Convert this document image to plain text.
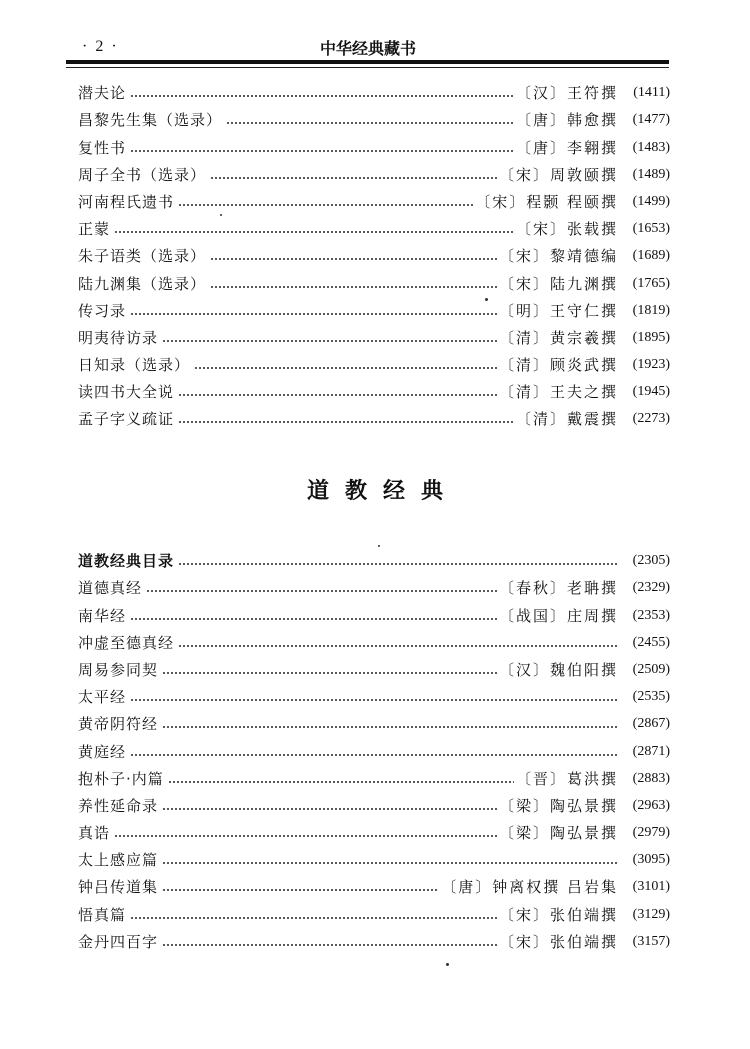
· 2 ·	中华经典藏书
潜夫论	〔汉〕王符撰	(1411)
昌黎先生集（选录）	〔唐〕韩愈撰	(1477)
复性书	〔唐〕李翱撰	(1483)
周子全书（选录）	〔宋〕周敦颐撰	(1489)
河南程氏遗书	〔宋〕程颢 程颐撰	(1499)
正蒙	〔宋〕张载撰	(1653)
朱子语类（选录）	〔宋〕黎靖德编	(1689)
陆九渊集（选录）	〔宋〕陆九渊撰	(1765)
传习录	〔明〕王守仁撰	(1819)
明夷待访录	〔清〕黄宗羲撰	(1895)
日知录（选录）	〔清〕顾炎武撰	(1923)
读四书大全说	〔清〕王夫之撰	(1945)
孟子字义疏证	〔清〕戴震撰	(2273)
道教经典
道教经典目录	(2305)
道德真经	〔春秋〕老聃撰	(2329)
南华经	〔战国〕庄周撰	(2353)
冲虚至德真经	(2455)
周易参同契	〔汉〕魏伯阳撰	(2509)
太平经	(2535)
黄帝阴符经	(2867)
黄庭经	(2871)
抱朴子·内篇	〔晋〕葛洪撰	(2883)
养性延命录	〔梁〕陶弘景撰	(2963)
真诰	〔梁〕陶弘景撰	(2979)
太上感应篇	(3095)
钟吕传道集	〔唐〕钟离权撰 吕岩集	(3101)
悟真篇	〔宋〕张伯端撰	(3129)
金丹四百字	〔宋〕张伯端撰	(3157)
